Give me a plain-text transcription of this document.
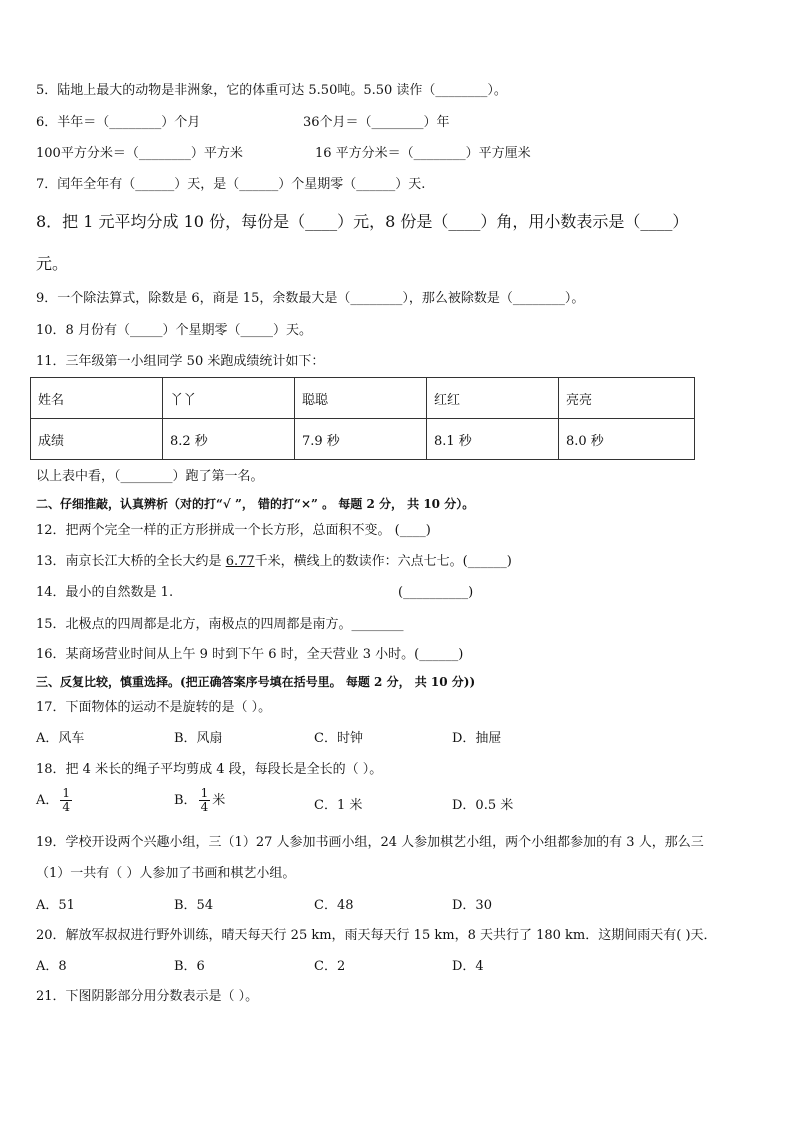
5．陆地上最大的动物是非洲象，它的体重可达 5.50吨。5.50 读作（________）。
6．半年＝（________）个月	36个月＝（________）年
100平方分米＝（________）平方米	16 平方分米＝（________）平方厘米
7．闰年全年有（______）天，是（______）个星期零（______）天.
8．把 1 元平均分成 10 份，每份是（____）元，8 份是（____）角，用小数表示是（____）
元。
9．一个除法算式，除数是 6，商是 15，余数最大是（________），那么被除数是（________）。
10．8 月份有（_____）个星期零（_____）天。
11．三年级第一小组同学 50 米跑成绩统计如下：
姓名	丫丫	聪聪	红红	亮亮
成绩	8.2 秒	7.9 秒	8.1 秒	8.0 秒
以上表中看，（________）跑了第一名。
二、仔细推敲，认真辨析（对的打“√ ”， 错的打“×” 。 每题 2 分， 共 10 分）。
12．把两个完全一样的正方形拼成一个长方形，总面积不变。 (____)
13．南京长江大桥的全长大约是 6.77千米，横线上的数读作：六点七七。(______)
14．最小的自然数是 1.	(__________)
15．北极点的四周都是北方，南极点的四周都是南方。________
16．某商场营业时间从上午 9 时到下午 6 时，全天营业 3 小时。(______)
三、反复比较，慎重选择。(把正确答案序号填在括号里。 每题 2 分， 共 10 分))
17．下面物体的运动不是旋转的是（ ）。
A．风车	B．风扇	C．时钟	D．抽屉
18．把 4 米长的绳子平均剪成 4 段，每段长是全长的（ ）。
A． $\frac{1}{4}$	B． $\frac{1}{4}$ 米	C．1 米	D．0.5 米
19．学校开设两个兴趣小组，三（1）27 人参加书画小组，24 人参加棋艺小组，两个小组都参加的有 3 人，那么三
（1）一共有（ ）人参加了书画和棋艺小组。
A．51	B．54	C．48	D．30
20．解放军叔叔进行野外训练，晴天每天行 25 km，雨天每天行 15 km，8 天共行了 180 km．这期间雨天有( )天．
A．8	B．6	C．2	D．4
21．下图阴影部分用分数表示是（ ）。
